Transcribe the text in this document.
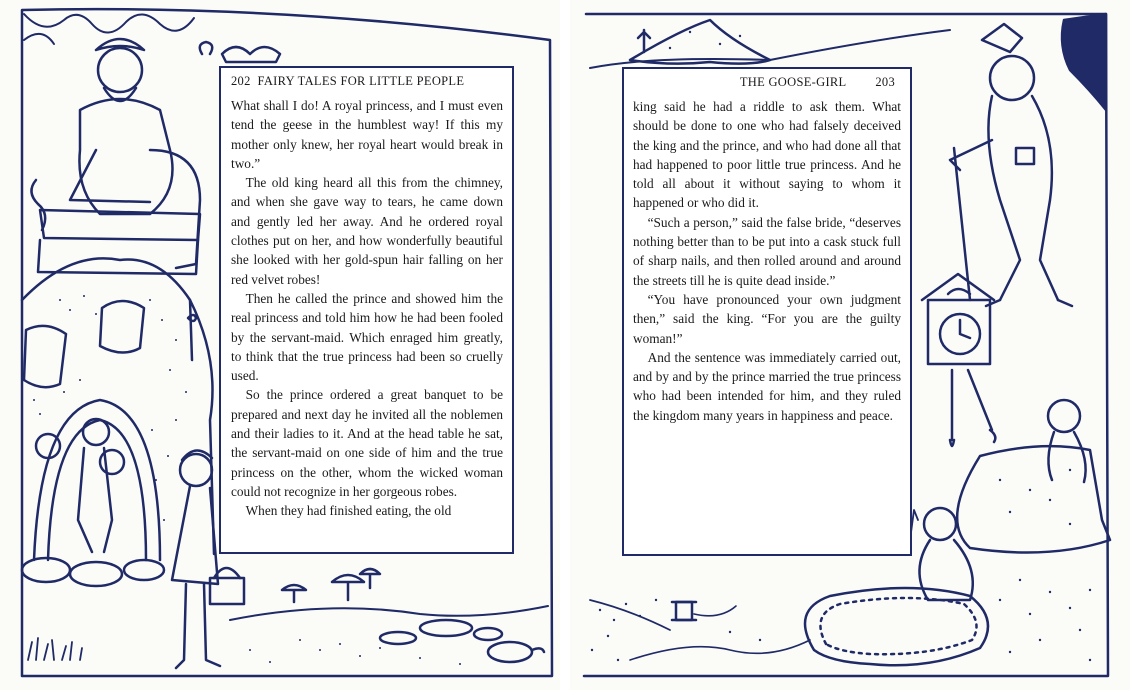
202 FAIRY TALES FOR LITTLE PEOPLE

What shall I do! A royal princess, and I must even tend the geese in the humblest way! If this my mother only knew, her royal heart would break in two.”

The old king heard all this from the chimney, and when she gave way to tears, he came down and gently led her away. And he ordered royal clothes put on her, and how wonderfully beautiful she looked with her gold-spun hair falling on her red velvet robes!

Then he called the prince and showed him the real princess and told him how he had been fooled by the servant-maid. Which enraged him greatly, to think that the true princess had been so cruelly used.

So the prince ordered a great banquet to be prepared and next day he invited all the noblemen and their ladies to it. And at the head table he sat, the servant-maid on one side of him and the true princess on the other, whom the wicked woman could not recognize in her gorgeous robes.

When they had finished eating, the old

THE GOOSE-GIRL 203

king said he had a riddle to ask them. What should be done to one who had falsely deceived the king and the prince, and who had done all that had happened to poor little true princess. And he told all about it without saying to whom it happened or who did it.

“Such a person,” said the false bride, “deserves nothing better than to be put into a cask stuck full of sharp nails, and then rolled around and around the streets till he is quite dead inside.”

“You have pronounced your own judgment then,” said the king. “For you are the guilty woman!”

And the sentence was immediately carried out, and by and by the prince married the true princess who had been intended for him, and they ruled the kingdom many years in happiness and peace.
